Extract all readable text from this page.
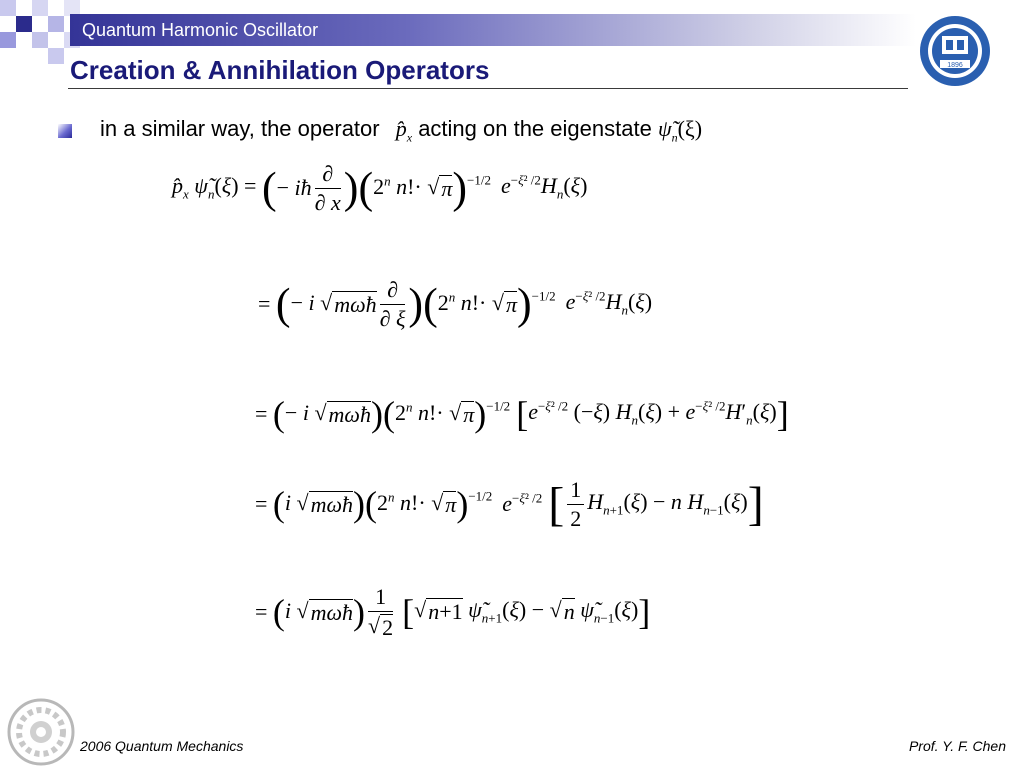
Quantum Harmonic Oscillator
Creation & Annihilation Operators	1896
in a similar way, the operator $p̂_x$ acting on the eigenstate $\psĩ_n(\xi)$
$p̂_x$ $\psĩ_n(\xi)$ = (− iħ $\frac{\partial}{\partial x} )(2^n$ n!· √π)$^{-1/2}$ $e^{-\xi^2 /2}H_n(\xi)$
= (− i √mωħ $\frac{\partial}{\partial \xi} )(2^n$ n!· √π)$^{-1/2}$ $e^{-\xi^2 /2}H_n(\xi)$
= (− i √mωħ)(2$^n$ n!· √π)$^{-1/2}$ [$e^{-\xi^2 /2}$ (−ξ) $H_n(\xi) + e^{-\xi^2 /2}H'_n(\xi)$]
= (i √mωħ)(2$^n$ n!· √π)$^{-1/2}$ $e^{-\xi^2 /2}$ [ $\frac{1}{2} H_{n+1}(\xi) - n$ $H_{n-1}(\xi)$]
= (i √mωħ) $\frac{1}{√2} [√n+1$ $\psĩ_{n+1}(\xi) - √n$ $\psĩ_{n-1}(\xi)$]
2006 Quantum Mechanics	Prof. Y. F. Chen
